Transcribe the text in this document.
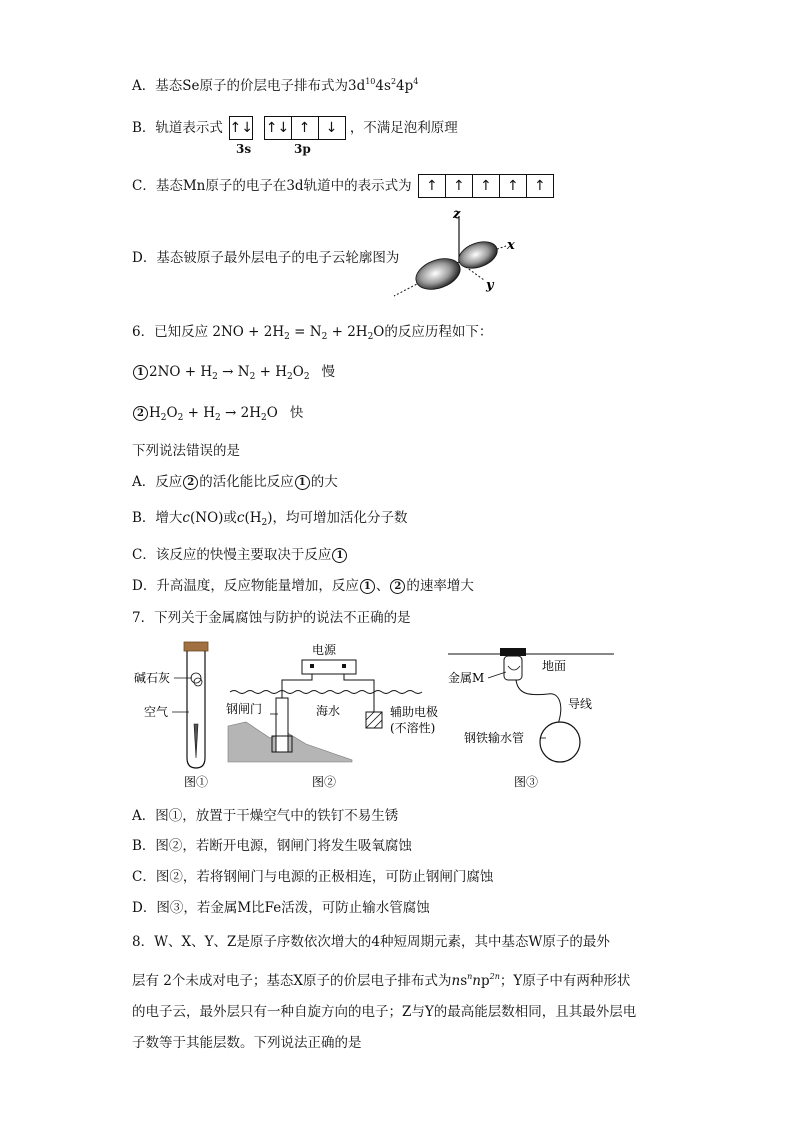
A．基态Se原子的价层电子排布式为$3d^{10}4s^24p^4$
B．轨道表示式 ↑↓
↑↓ ↑	↓ ，不满足泡利原理
3s	3p
C．基态Mn原子的电子在3d轨道中的表示式为	↑	↑	↑	↑	↑
D．基态铍原子最外层电子的电子云轮廓图为
z
x
y
6．已知反应 $2NO + 2H_2 = N_2 + 2H_2O$的反应历程如下：
1 $2NO + H_2 \to N_2 + H_2O_2$ 慢
2 $H_2O_2 + H_2 \to 2H_2O$ 快
下列说法错误的是
A．反应 2 的活化能比反应 1 的大
B．增大c(NO)或$c(H_2)$，均可增加活化分子数
C．该反应的快慢主要取决于反应 1
D．升高温度，反应物能量增加，反应 1 、 2 的速率增大
7．下列关于金属腐蚀与防护的说法不正确的是
碱石灰
空气
图①
电源
钢闸门	海水	辅助电极
(不溶性)
图②
地面
金属M
导线
钢铁输水管
图③
A．图①，放置于干燥空气中的铁钉不易生锈
B．图②，若断开电源，钢闸门将发生吸氧腐蚀
C．图②，若将钢闸门与电源的正极相连，可防止钢闸门腐蚀
D．图③，若金属M比Fe活泼，可防止输水管腐蚀
8．W、X、Y、Z是原子序数依次增大的4种短周期元素，其中基态W原子的最外
层有 2个未成对电子；基态X原子的价层电子排布式为$ns^nnp^{2n}$；Y原子中有两种形状
的电子云，最外层只有一种自旋方向的电子；Z与Y的最高能层数相同，且其最外层电
子数等于其能层数。下列说法正确的是
